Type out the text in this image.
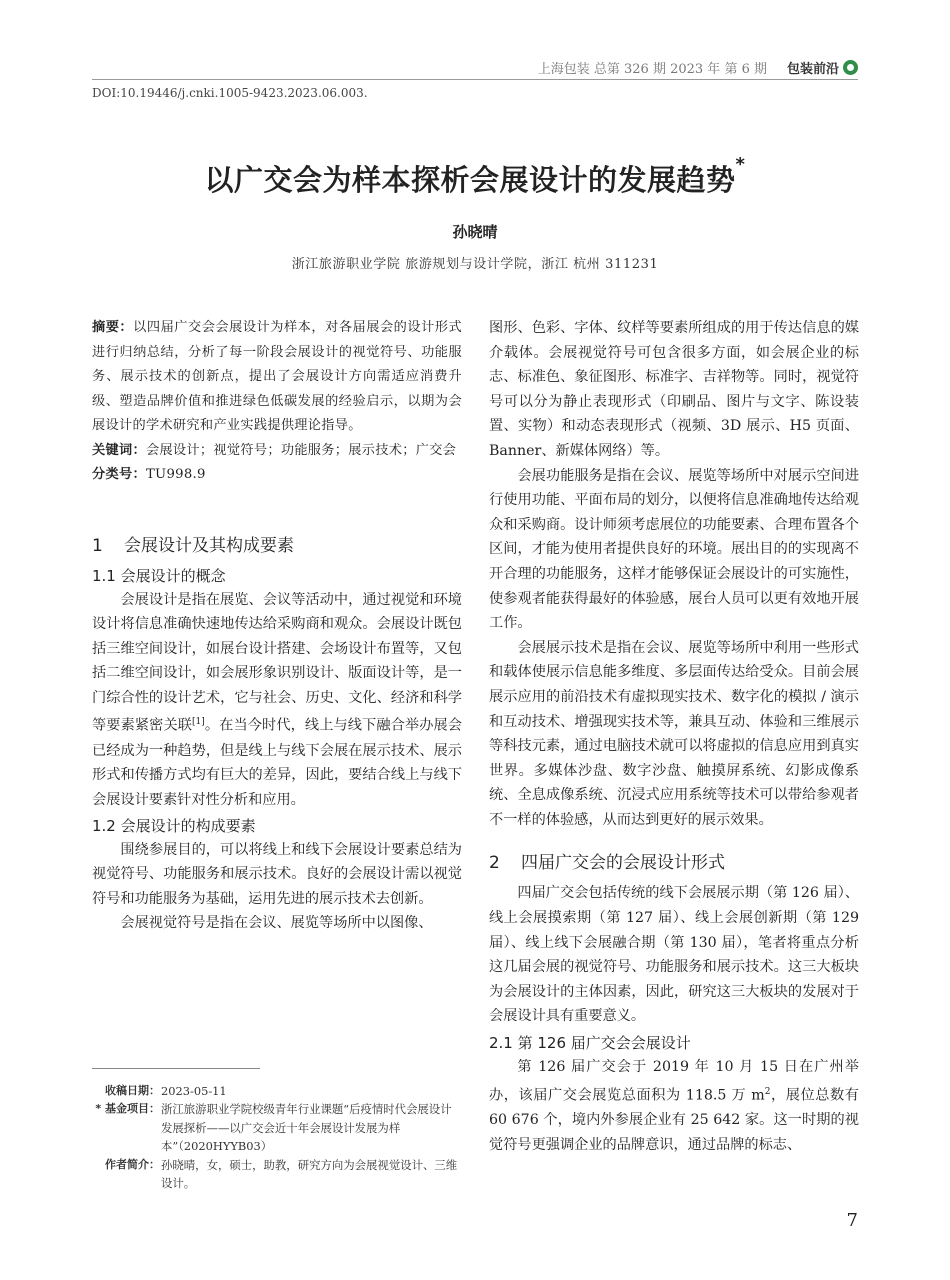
上海包装 总第 326 期 2023 年 第 6 期 包装前沿
DOI:10.19446/j.cnki.1005-9423.2023.06.003.
以广交会为样本探析会展设计的发展趋势*
孙晓晴
浙江旅游职业学院 旅游规划与设计学院，浙江 杭州 311231
摘要：以四届广交会会展设计为样本，对各届展会的设计形式进行归纳总结，分析了每一阶段会展设计的视觉符号、功能服务、展示技术的创新点，提出了会展设计方向需适应消费升级、塑造品牌价值和推进绿色低碳发展的经验启示，以期为会展设计的学术研究和产业实践提供理论指导。
关键词：会展设计；视觉符号；功能服务；展示技术；广交会
分类号：TU998.9
1 会展设计及其构成要素
1.1 会展设计的概念

会展设计是指在展览、会议等活动中，通过视觉和环境设计将信息准确快速地传达给采购商和观众。会展设计既包括三维空间设计，如展台设计搭建、会场设计布置等，又包括二维空间设计，如会展形象识别设计、版面设计等，是一门综合性的设计艺术，它与社会、历史、文化、经济和科学等要素紧密关联[1]。在当今时代，线上与线下融合举办展会已经成为一种趋势，但是线上与线下会展在展示技术、展示形式和传播方式均有巨大的差异，因此，要结合线上与线下会展设计要素针对性分析和应用。

1.2 会展设计的构成要素

围绕参展目的，可以将线上和线下会展设计要素总结为视觉符号、功能服务和展示技术。良好的会展设计需以视觉符号和功能服务为基础，运用先进的展示技术去创新。

会展视觉符号是指在会议、展览等场所中以图像、

图形、色彩、字体、纹样等要素所组成的用于传达信息的媒介载体。会展视觉符号可包含很多方面，如会展企业的标志、标准色、象征图形、标准字、吉祥物等。同时，视觉符号可以分为静止表现形式（印刷品、图片与文字、陈设装置、实物）和动态表现形式（视频、3D 展示、H5 页面、Banner、新媒体网络）等。

会展功能服务是指在会议、展览等场所中对展示空间进行使用功能、平面布局的划分，以便将信息准确地传达给观众和采购商。设计师须考虑展位的功能要素、合理布置各个区间，才能为使用者提供良好的环境。展出目的的实现离不开合理的功能服务，这样才能够保证会展设计的可实施性，使参观者能获得最好的体验感，展台人员可以更有效地开展工作。

会展展示技术是指在会议、展览等场所中利用一些形式和载体使展示信息能多维度、多层面传达给受众。目前会展展示应用的前沿技术有虚拟现实技术、数字化的模拟 / 演示和互动技术、增强现实技术等，兼具互动、体验和三维展示等科技元素，通过电脑技术就可以将虚拟的信息应用到真实世界。多媒体沙盘、数字沙盘、触摸屏系统、幻影成像系统、全息成像系统、沉浸式应用系统等技术可以带给参观者不一样的体验感，从而达到更好的展示效果。

2 四届广交会的会展设计形式

四届广交会包括传统的线下会展展示期（第 126 届）、线上会展摸索期（第 127 届）、线上会展创新期（第 129 届）、线上线下会展融合期（第 130 届），笔者将重点分析这几届会展的视觉符号、功能服务和展示技术。这三大板块为会展设计的主体因素，因此，研究这三大板块的发展对于会展设计具有重要意义。

2.1 第 126 届广交会会展设计

第 126 届广交会于 2019 年 10 月 15 日在广州举办，该届广交会展览总面积为 118.5 万 $m^2$，展位总数有 60 676 个，境内外参展企业有 25 642 家。这一时期的视觉符号更强调企业的品牌意识，通过品牌的标志、

收稿日期： 2023-05-11
* 基金项目： 浙江旅游职业学院校级青年行业课题“后疫情时代会展设计发展探析——以广交会近十年会展设计发展为样本”（2020HYYB03）
作者简介： 孙晓晴，女，硕士，助教，研究方向为会展视觉设计、三维设计。
7
